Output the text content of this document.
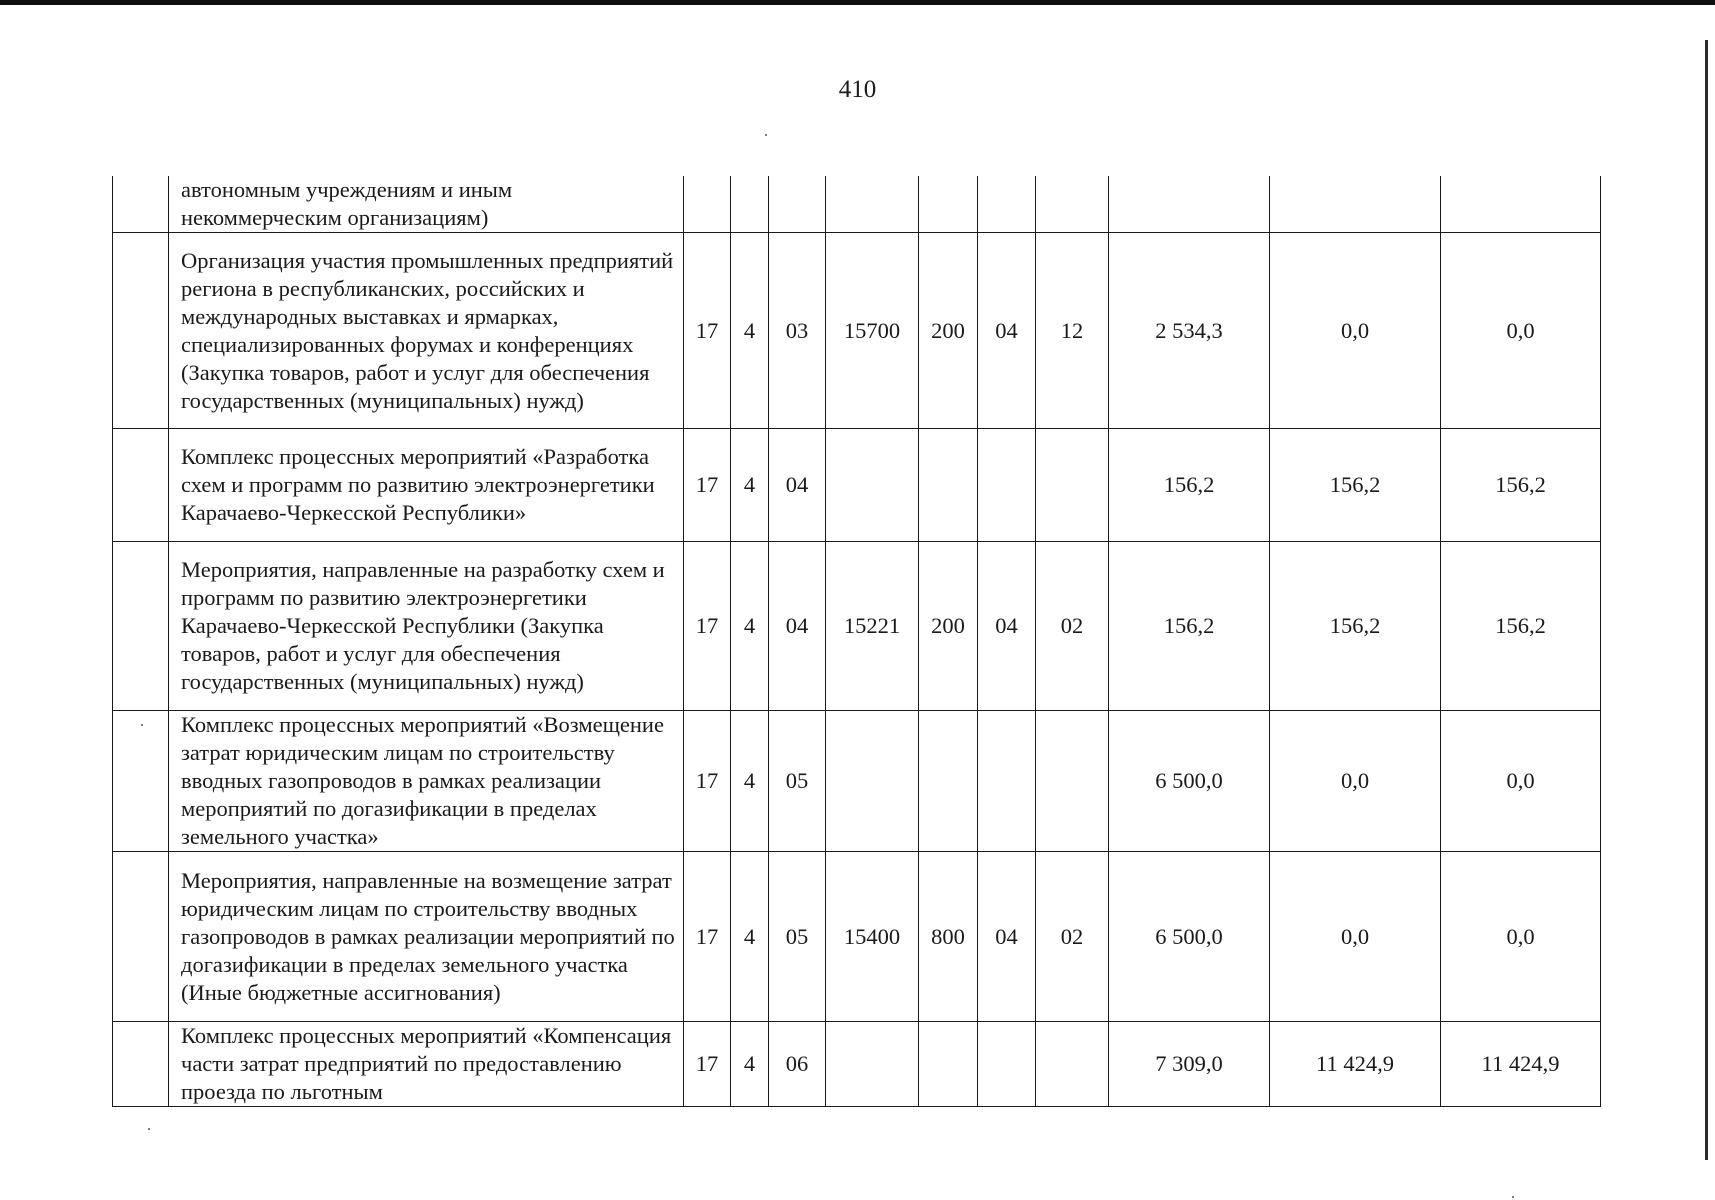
410
	автономным учреждениям и иным некоммерческим организациям)										
	Организация участия промышленных предприятий региона в республиканских, российских и международных выставках и ярмарках, специализированных форумах и конференциях (Закупка товаров, работ и услуг для обеспечения государственных (муниципальных) нужд)	17	4	03	15700	200	04	12	2 534,3	0,0	0,0
	Комплекс процессных мероприятий «Разработка схем и программ по развитию электроэнергетики Карачаево-Черкесской Республики»	17	4	04					156,2	156,2	156,2
	Мероприятия, направленные на разработку схем и программ по развитию электроэнергетики Карачаево-Черкесской Республики (Закупка товаров, работ и услуг для обеспечения государственных (муниципальных) нужд)	17	4	04	15221	200	04	02	156,2	156,2	156,2
	Комплекс процессных мероприятий «Возмещение затрат юридическим лицам по строительству вводных газопроводов в рамках реализации мероприятий по догазификации в пределах земельного участка»	17	4	05					6 500,0	0,0	0,0
	Мероприятия, направленные на возмещение затрат юридическим лицам по строительству вводных газопроводов в рамках реализации мероприятий по догазификации в пределах земельного участка (Иные бюджетные ассигнования)	17	4	05	15400	800	04	02	6 500,0	0,0	0,0
	Комплекс процессных мероприятий «Компенсация части затрат предприятий по предоставлению проезда по льготным	17	4	06					7 309,0	11 424,9	11 424,9
